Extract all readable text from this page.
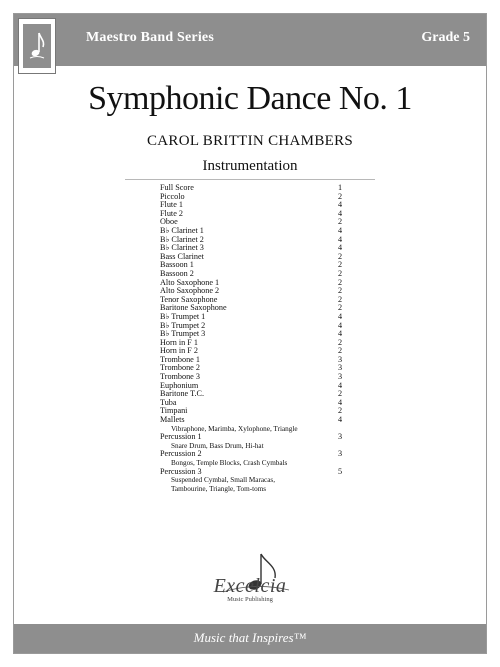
Maestro Band Series	Grade 5
Symphonic Dance No. 1
CAROL BRITTIN CHAMBERS
Instrumentation
Full Score	1
Piccolo	2
Flute 1	4
Flute 2	4
Oboe	2
B♭ Clarinet 1	4
B♭ Clarinet 2	4
B♭ Clarinet 3	4
Bass Clarinet	2
Bassoon 1	2
Bassoon 2	2
Alto Saxophone 1	2
Alto Saxophone 2	2
Tenor Saxophone	2
Baritone Saxophone	2
B♭ Trumpet 1	4
B♭ Trumpet 2	4
B♭ Trumpet 3	4
Horn in F 1	2
Horn in F 2	2
Trombone 1	3
Trombone 2	3
Trombone 3	3
Euphonium	4
Baritone T.C.	2
Tuba	4
Timpani	2
Mallets	4
Vibraphone, Marimba, Xylophone, Triangle
Percussion 1	3
Snare Drum, Bass Drum, Hi-hat
Percussion 2	3
Bongos, Temple Blocks, Crash Cymbals
Percussion 3	5
Suspended Cymbal, Small Maracas,
Tambourine, Triangle, Tom-toms
Excelcia
Music Publishing
Music that Inspires™
